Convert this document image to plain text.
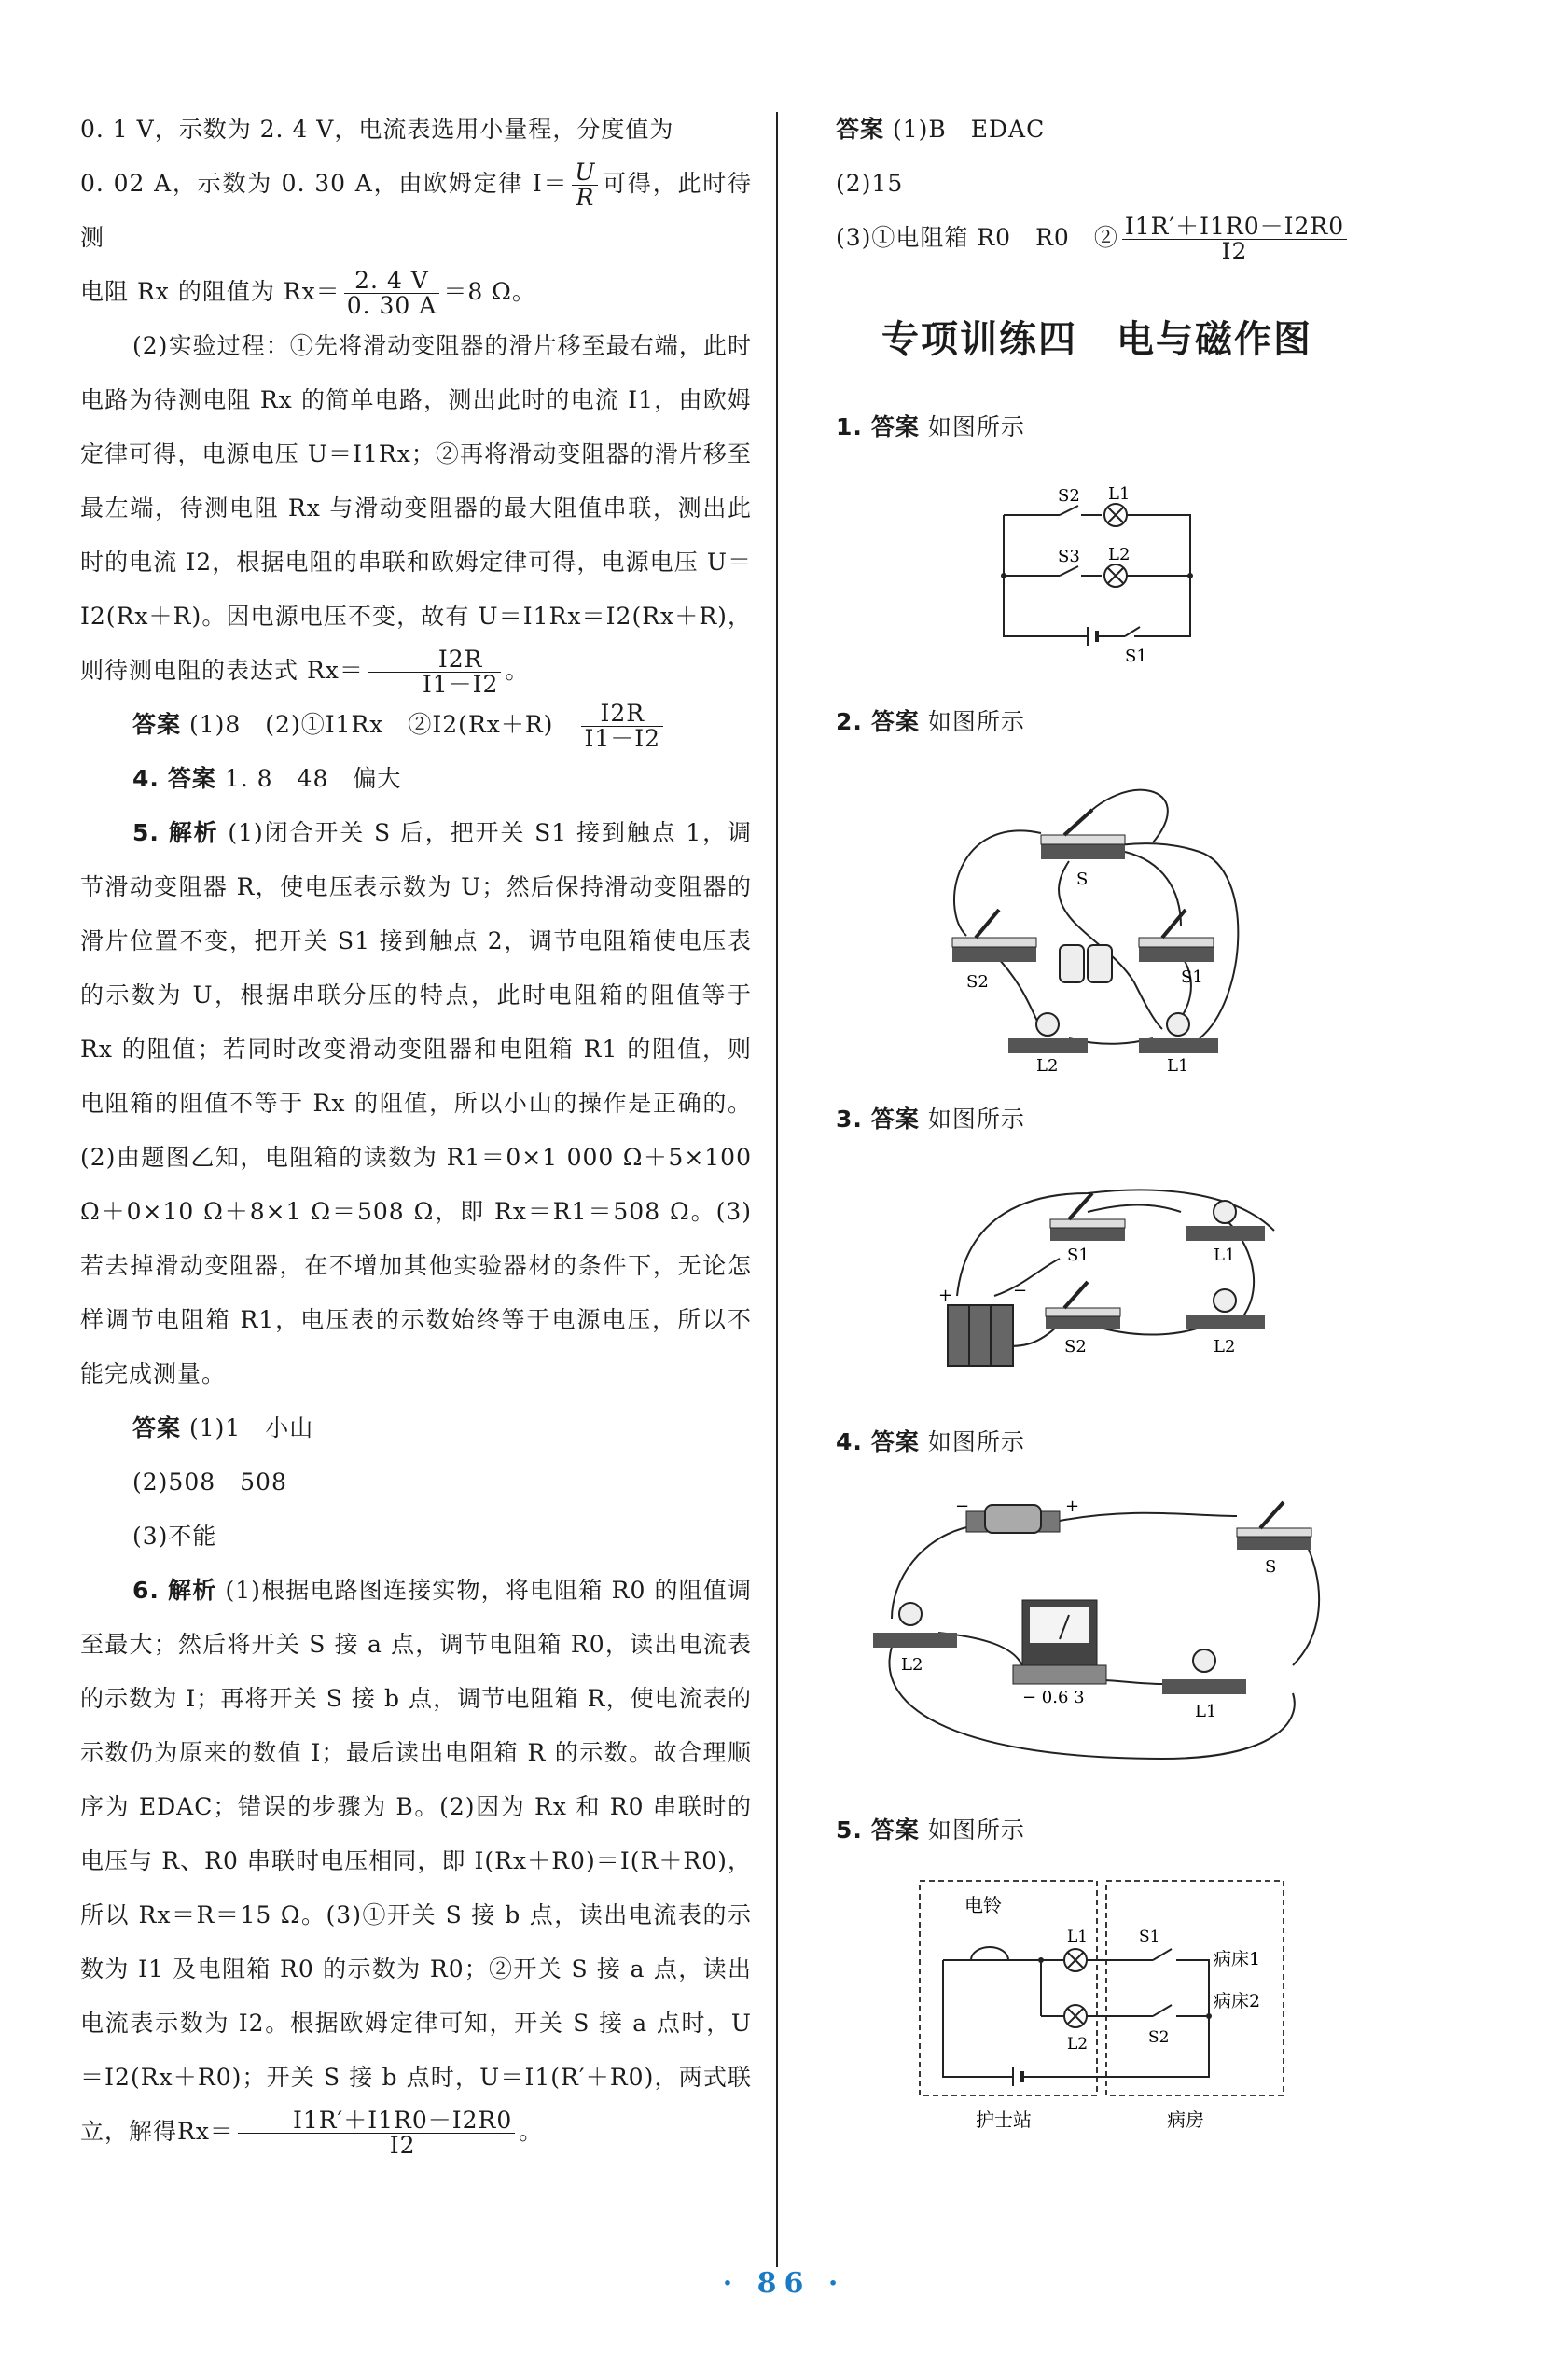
0. 1 V，示数为 2. 4 V，电流表选用小量程，分度值为

0. 02 A，示数为 0. 30 A，由欧姆定律 $I= \frac{U}{R}$ 可得，此时待测

电阻 Rx 的阻值为 $Rx= \frac{2. 4 V}{0. 30 A} =8$ Ω。

(2)实验过程：①先将滑动变阻器的滑片移至最右端，此时电路为待测电阻 Rx 的简单电路，测出此时的电流 I1，由欧姆定律可得，电源电压 U＝I1Rx；②再将滑动变阻器的滑片移至最左端，待测电阻 Rx 与滑动变阻器的最大阻值串联，测出此时的电流 I2，根据电阻的串联和欧姆定律可得，电源电压 U＝I2(Rx＋R)。因电源电压不变，故有 U＝I1Rx＝I2(Rx＋R)，则待测电阻的表达式 $Rx= \frac{I2R}{I1-I2}$ 。

答案 (1)8　(2)①I1Rx　②I2(Rx＋R)　 $\frac{I2R}{I1-I2}$

4. 答案 1. 8　48　偏大

5. 解析 (1)闭合开关 S 后，把开关 S1 接到触点 1，调节滑动变阻器 R，使电压表示数为 U；然后保持滑动变阻器的滑片位置不变，把开关 S1 接到触点 2，调节电阻箱使电压表的示数为 U，根据串联分压的特点，此时电阻箱的阻值等于 Rx 的阻值；若同时改变滑动变阻器和电阻箱 R1 的阻值，则电阻箱的阻值不等于 Rx 的阻值，所以小山的操作是正确的。(2)由题图乙知，电阻箱的读数为 R1＝0×1 000 Ω＋5×100 Ω＋0×10 Ω＋8×1 Ω＝508 Ω，即 Rx＝R1＝508 Ω。(3)若去掉滑动变阻器，在不增加其他实验器材的条件下，无论怎样调节电阻箱 R1，电压表的示数始终等于电源电压，所以不能完成测量。

答案 (1)1　小山

(2)508　508

(3)不能

6. 解析 (1)根据电路图连接实物，将电阻箱 R0 的阻值调至最大；然后将开关 S 接 a 点，调节电阻箱 R0，读出电流表的示数为 I；再将开关 S 接 b 点，调节电阻箱 R，使电流表的示数仍为原来的数值 I；最后读出电阻箱 R 的示数。故合理顺序为 EDAC；错误的步骤为 B。(2)因为 Rx 和 R0 串联时的电压与 R、R0 串联时电压相同，即 I(Rx＋R0)＝I(R＋R0)，所以 Rx＝R＝15 Ω。(3)①开关 S 接 b 点，读出电流表的示数为 I1 及电阻箱 R0 的示数为 R0；②开关 S 接 a 点，读出电流表示数为 I2。根据欧姆定律可知，开关 S 接 a 点时，U＝I2(Rx＋R0)；开关 S 接 b 点时，U＝I1(R′＋R0)，两式联立，解得$Rx= \frac{I1R'+I1R0-I2R0}{I2}$ 。

答案 (1)B　EDAC

(2)15

(3)①电阻箱 R0　R0　② $\frac{I1R'+I1R0-I2R0}{I2}$

专项训练四　电与磁作图

1. 答案 如图所示

S2 L1
S3 L2
S1

2. 答案 如图所示

S
S2	S1
L2	L1

3. 答案 如图所示

+	−
S1	L1
S2	L2

4. 答案 如图所示

−	+
S
L2
− 0.6 3
L1

5. 答案 如图所示

电铃
L1
L2
S1
S2
病床1
病床2
护士站	病房
· 86 ·
